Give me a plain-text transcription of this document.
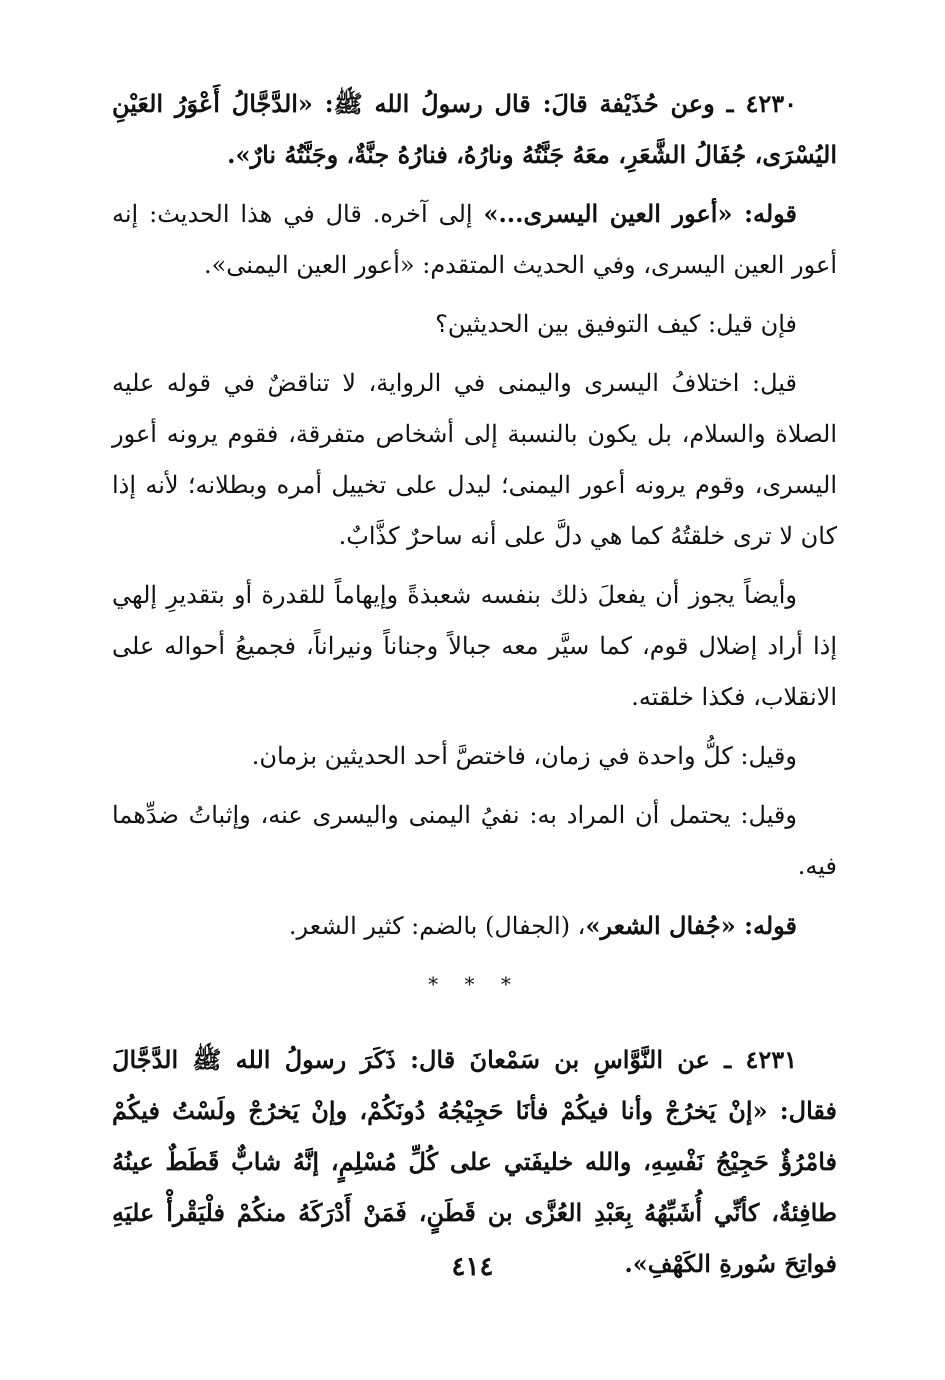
٤٢٣٠ ـ وعن حُذَيْفة قالَ: قال رسولُ الله ﷺ: «الدَّجَّالُ أَعْوَرُ العَيْنِ اليُسْرَى، جُفَالُ الشَّعَرِ، معَهُ جَنَّتُهُ ونارُهُ، فنارُهُ جنَّةٌ، وجَنَّتُهُ نارٌ».

قوله: «أعور العين اليسرى...» إلى آخره. قال في هذا الحديث: إنه أعور العين اليسرى، وفي الحديث المتقدم: «أعور العين اليمنى».

فإن قيل: كيف التوفيق بين الحديثين؟

قيل: اختلافُ اليسرى واليمنى في الرواية، لا تناقضٌ في قوله عليه الصلاة والسلام، بل يكون بالنسبة إلى أشخاص متفرقة، فقوم يرونه أعور اليسرى، وقوم يرونه أعور اليمنى؛ ليدل على تخييل أمره وبطلانه؛ لأنه إذا كان لا ترى خلقتُهُ كما هي دلَّ على أنه ساحرٌ كذَّابٌ.

وأيضاً يجوز أن يفعلَ ذلك بنفسه شعبذةً وإيهاماً للقدرة أو بتقديرِ إلهي إذا أراد إضلال قوم، كما سيَّر معه جبالاً وجناناً ونيراناً، فجميعُ أحواله على الانقلاب، فكذا خلقته.

وقيل: كلُّ واحدة في زمان، فاختصَّ أحد الحديثين بزمان.

وقيل: يحتمل أن المراد به: نفيُ اليمنى واليسرى عنه، وإثباتُ ضدِّهما فيه.

قوله: «جُفال الشعر»، (الجفال) بالضم: كثير الشعر.

* * *

٤٢٣١ ـ عن النَّوَّاسِ بن سَمْعانَ قال: ذَكَرَ رسولُ الله ﷺ الدَّجَّالَ فقال: «إنْ يَخرُجْ وأنا فيكُمْ فأنَا حَجِيْجُهُ دُونَكُمْ، وإنْ يَخرُجْ ولَسْتُ فيكُمْ فامْرُؤٌ حَجِيْجُ نَفْسِهِ، والله خليفَتي على كُلِّ مُسْلِمٍ، إنَّهُ شابٌّ قَطَطٌ عينُهُ طافِئةٌ، كأنِّي أُشَبِّهُهُ بِعَبْدِ العُزَّى بن قَطَنٍ، فَمَنْ أَدْرَكَهُ منكُمْ فلْيَقْرأْ عليَهِ فواتِحَ سُورةِ الكَهْفِ».

٤١٤
